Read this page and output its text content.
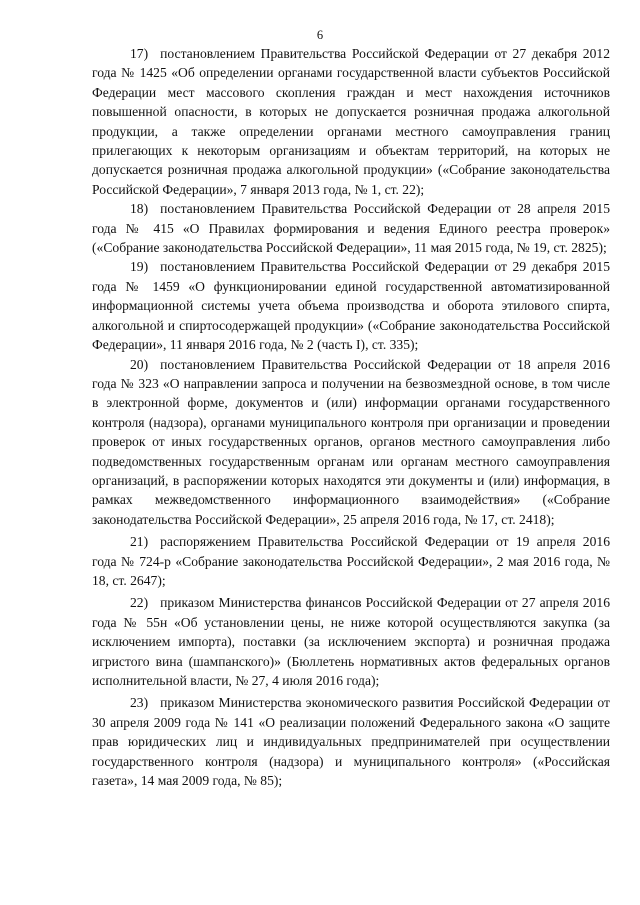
6

17) постановлением Правительства Российской Федерации от 27 декабря 2012 года № 1425 «Об определении органами государственной власти субъектов Российской Федерации мест массового скопления граждан и мест нахождения источников повышенной опасности, в которых не допускается розничная продажа алкогольной продукции, а также определении органами местного самоуправления границ прилегающих к некоторым организациям и объектам территорий, на которых не допускается розничная продажа алкогольной продукции» («Собрание законодательства Российской Федерации», 7 января 2013 года, № 1, ст. 22);

18) постановлением Правительства Российской Федерации от 28 апреля 2015 года № 415 «О Правилах формирования и ведения Единого реестра проверок» («Собрание законодательства Российской Федерации», 11 мая 2015 года, № 19, ст. 2825);

19) постановлением Правительства Российской Федерации от 29 декабря 2015 года № 1459 «О функционировании единой государственной автоматизированной информационной системы учета объема производства и оборота этилового спирта, алкогольной и спиртосодержащей продукции» («Собрание законодательства Российской Федерации», 11 января 2016 года, № 2 (часть I), ст. 335);

20) постановлением Правительства Российской Федерации от 18 апреля 2016 года № 323 «О направлении запроса и получении на безвозмездной основе, в том числе в электронной форме, документов и (или) информации органами государственного контроля (надзора), органами муниципального контроля при организации и проведении проверок от иных государственных органов, органов местного самоуправления либо подведомственных государственным органам или органам местного самоуправления организаций, в распоряжении которых находятся эти документы и (или) информация, в рамках межведомственного информационного взаимодействия» («Собрание законодательства Российской Федерации», 25 апреля 2016 года, № 17, ст. 2418);

21) распоряжением Правительства Российской Федерации от 19 апреля 2016 года № 724-р «Собрание законодательства Российской Федерации», 2 мая 2016 года, № 18, ст. 2647);

22) приказом Министерства финансов Российской Федерации от 27 апреля 2016 года № 55н «Об установлении цены, не ниже которой осуществляются закупка (за исключением импорта), поставки (за исключением экспорта) и розничная продажа игристого вина (шампанского)» (Бюллетень нормативных актов федеральных органов исполнительной власти, № 27, 4 июля 2016 года);

23) приказом Министерства экономического развития Российской Федерации от 30 апреля 2009 года № 141 «О реализации положений Федерального закона «О защите прав юридических лиц и индивидуальных предпринимателей при осуществлении государственного контроля (надзора) и муниципального контроля» («Российская газета», 14 мая 2009 года, № 85);
